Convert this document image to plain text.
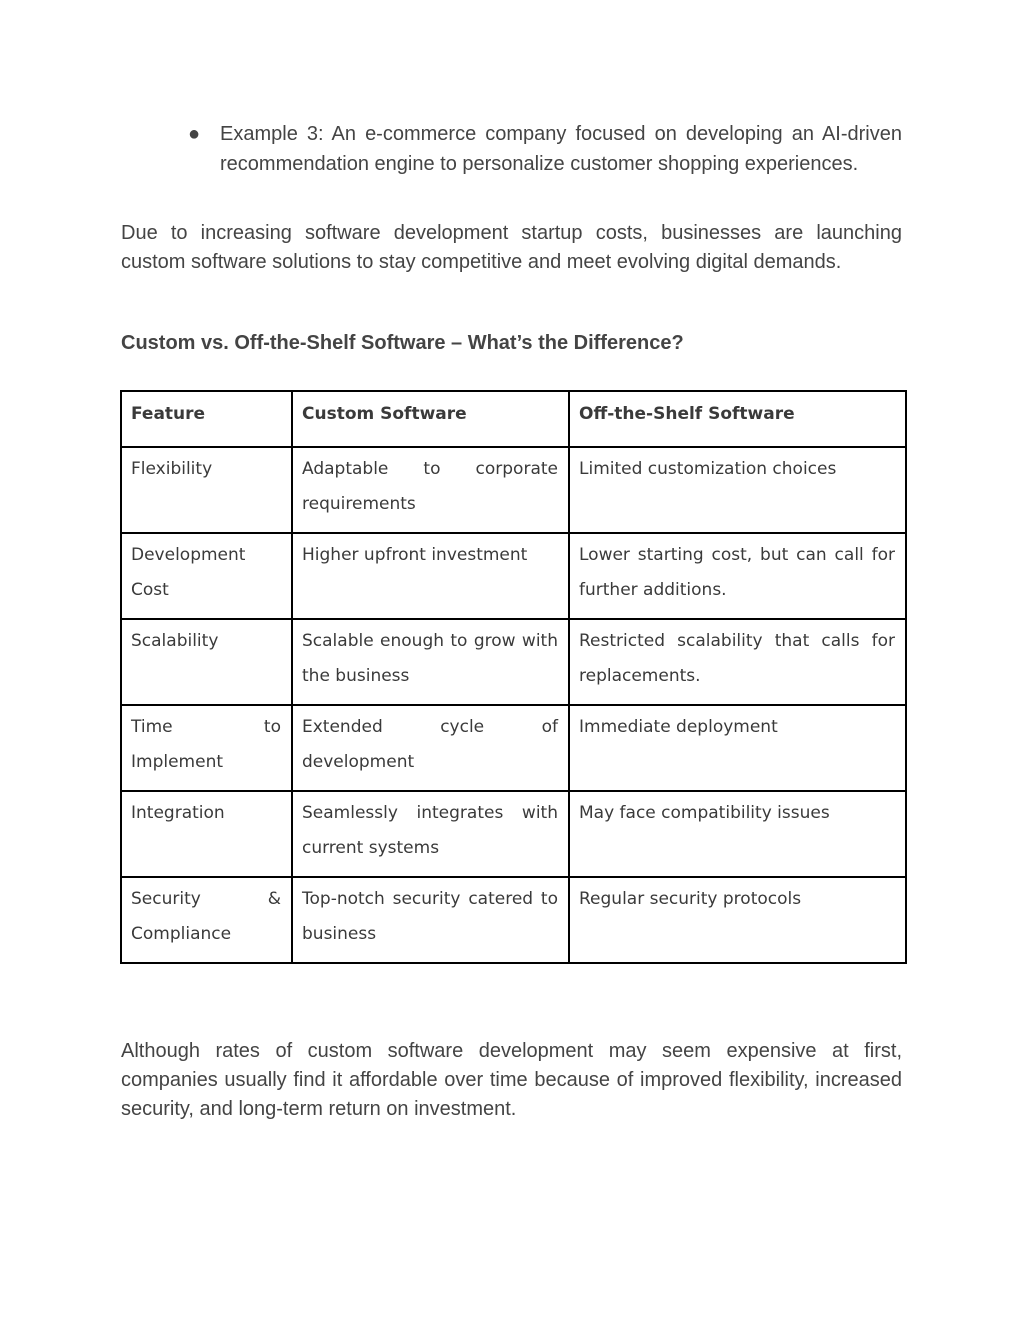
● Example 3: An e-commerce company focused on developing an AI-driven recommendation engine to personalize customer shopping experiences.
Due to increasing software development startup costs, businesses are launching custom software solutions to stay competitive and meet evolving digital demands.
Custom vs. Off-the-Shelf Software – What’s the Difference?
Feature	Custom Software	Off-the-Shelf Software
Flexibility	Adaptable to corporate requirements	Limited customization choices
Development Cost	Higher upfront investment	Lower starting cost, but can call for further additions.
Scalability	Scalable enough to grow with the business	Restricted scalability that calls for replacements.
Time to Implement	Extended cycle of development	Immediate deployment
Integration	Seamlessly integrates with current systems	May face compatibility issues
Security & Compliance	Top-notch security catered to business	Regular security protocols
Although rates of custom software development may seem expensive at first, companies usually find it affordable over time because of improved flexibility, increased security, and long-term return on investment.
